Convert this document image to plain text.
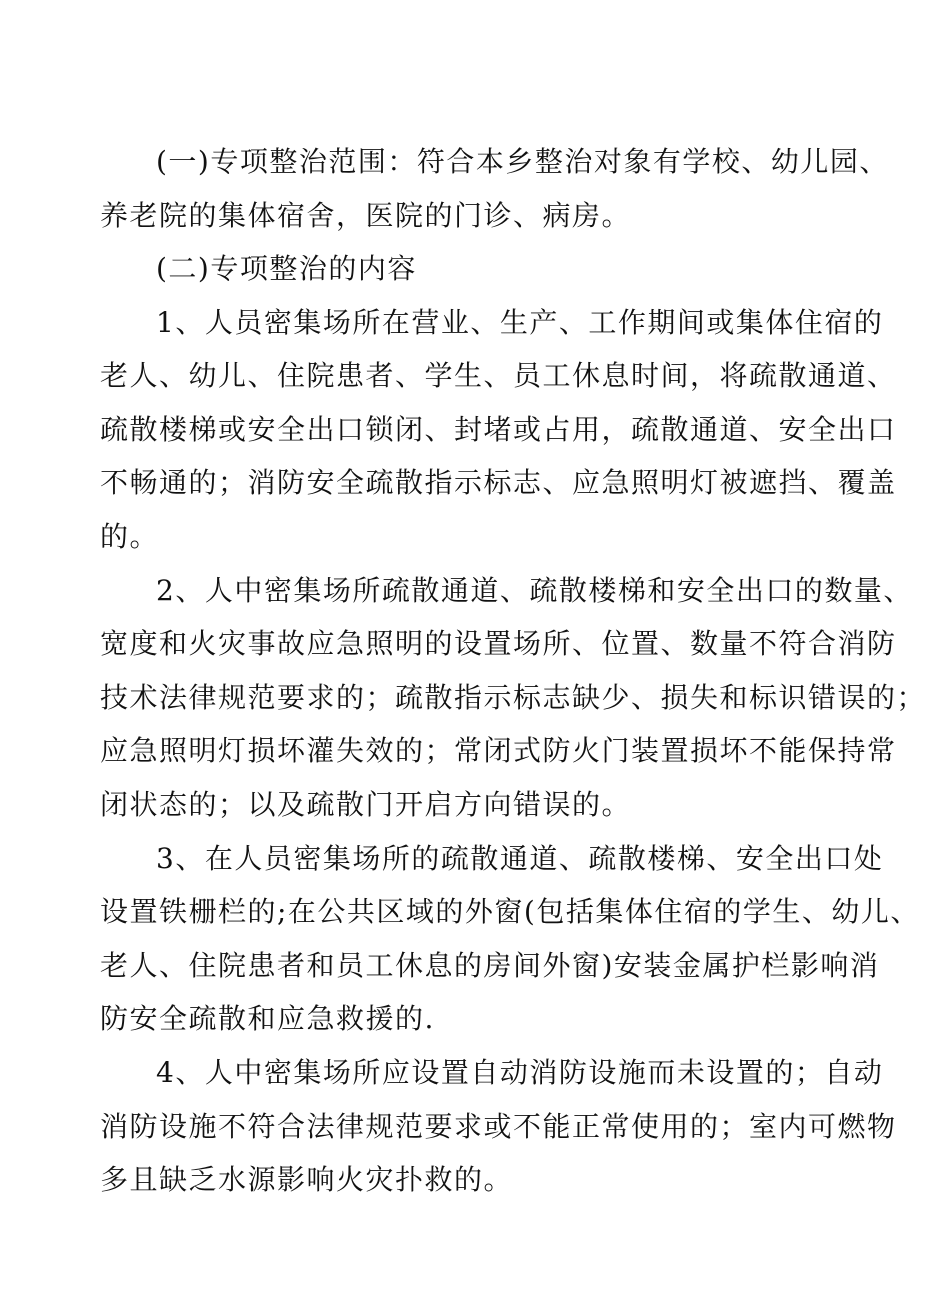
(一)专项整治范围：符合本乡整治对象有学校、幼儿园、
养老院的集体宿舍，医院的门诊、病房。
(二)专项整治的内容
1、人员密集场所在营业、生产、工作期间或集体住宿的
老人、幼儿、住院患者、学生、员工休息时间，将疏散通道、
疏散楼梯或安全出口锁闭、封堵或占用，疏散通道、安全出口
不畅通的；消防安全疏散指示标志、应急照明灯被遮挡、覆盖
的。
2、人中密集场所疏散通道、疏散楼梯和安全出口的数量、
宽度和火灾事故应急照明的设置场所、位置、数量不符合消防
技术法律规范要求的；疏散指示标志缺少、损失和标识错误的；
应急照明灯损坏灌失效的；常闭式防火门装置损坏不能保持常
闭状态的；以及疏散门开启方向错误的。
3、在人员密集场所的疏散通道、疏散楼梯、安全出口处
设置铁栅栏的;在公共区域的外窗(包括集体住宿的学生、幼儿、
老人、住院患者和员工休息的房间外窗)安装金属护栏影响消
防安全疏散和应急救援的.
4、人中密集场所应设置自动消防设施而未设置的；自动
消防设施不符合法律规范要求或不能正常使用的；室内可燃物
多且缺乏水源影响火灾扑救的。
